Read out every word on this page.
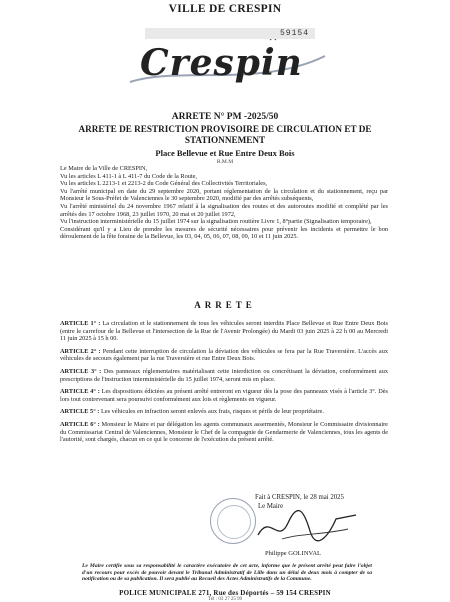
VILLE DE CRESPIN
Crespin
59154
ARRETE N° PM -2025/50
ARRETE DE RESTRICTION PROVISOIRE DE CIRCULATION ET DE STATIONNEMENT
Place Bellevue et Rue Entre Deux Bois
R.M.M

Le Maire de la Ville de CRESPIN,

Vu les articles L 411-1 à L 411-7 du Code de la Route,

Vu les articles L 2213-1 et 2213-2 du Code Général des Collectivités Territoriales,

Vu l'arrêté municipal en date du 29 septembre 2020, portant réglementation de la circulation et du stationnement, reçu par Monsieur le Sous-Préfet de Valenciennes le 30 septembre 2020, modifié par des arrêtés subséquents,

Vu l'arrêté ministériel du 24 novembre 1967 relatif à la signalisation des routes et des autoroutes modifié et complété par les arrêtés des 17 octobre 1968, 23 juillet 1970, 20 mai et 20 juillet 1972,

Vu l'instruction interministérielle du 15 juillet 1974 sur la signalisation routière Livre 1, 8°partie (Signalisation temporaire),

Considérant qu'il y a Lieu de prendre les mesures de sécurité nécessaires pour prévenir les incidents et permettre le bon déroulement de la fête foraine de la Bellevue, les 03, 04, 05, 06, 07, 08, 09, 10 et 11 juin 2025.

ARRETE

ARTICLE 1° : La circulation et le stationnement de tous les véhicules seront interdits Place Bellevue et Rue Entre Deux Bois (entre le carrefour de la Bellevue et l'intersection de la Rue de l'Avenir Prolongée) du Mardi 03 juin 2025 à 22 h 00 au Mercredi 11 juin 2025 à 15 h 00.

ARTICLE 2° : Pendant cette interruption de circulation la déviation des véhicules se fera par la Rue Traversière. L'accès aux véhicules de secours également par la rue Traversière et rue Entre Deux Bois.

ARTICLE 3° : Des panneaux réglementaires matérialisant cette interdiction ou concrétisant la déviation, conformément aux prescriptions de l'instruction interministérielle du 15 juillet 1974, seront mis en place.

ARTICLE 4° : Les dispositions édictées au présent arrêté entreront en vigueur dès la pose des panneaux visés à l'article 3°. Dès lors tout contrevenant sera poursuivi conformément aux lois et règlements en vigueur.

ARTICLE 5° : Les véhicules en infraction seront enlevés aux frais, risques et périls de leur propriétaire.

ARTICLE 6° : Monsieur le Maire et par délégation les agents communaux assermentés, Monsieur le Commissaire divisionnaire du Commissariat Central de Valenciennes, Monsieur le Chef de la compagnie de Gendarmerie de Valenciennes, tous les agents de l'autorité, sont chargés, chacun en ce qui le concerne de l'exécution du présent arrêté.

Fait à CRESPIN, le 28 mai 2025
Le Maire
Philippe GOLINVAL
Le Maire certifie sous sa responsabilité le caractère exécutoire de cet acte, informe que le présent arrêté peut faire l'objet d'un recours pour excès de pouvoir devant le Tribunal Administratif de Lille dans un délai de deux mois à compter de sa notification ou de sa publication. Il sera publié au Recueil des Actes Administratifs de la Commune.
POLICE MUNICIPALE 271, Rue des Déportés – 59 154 CRESPIN
Tél : 03 27 25 99
